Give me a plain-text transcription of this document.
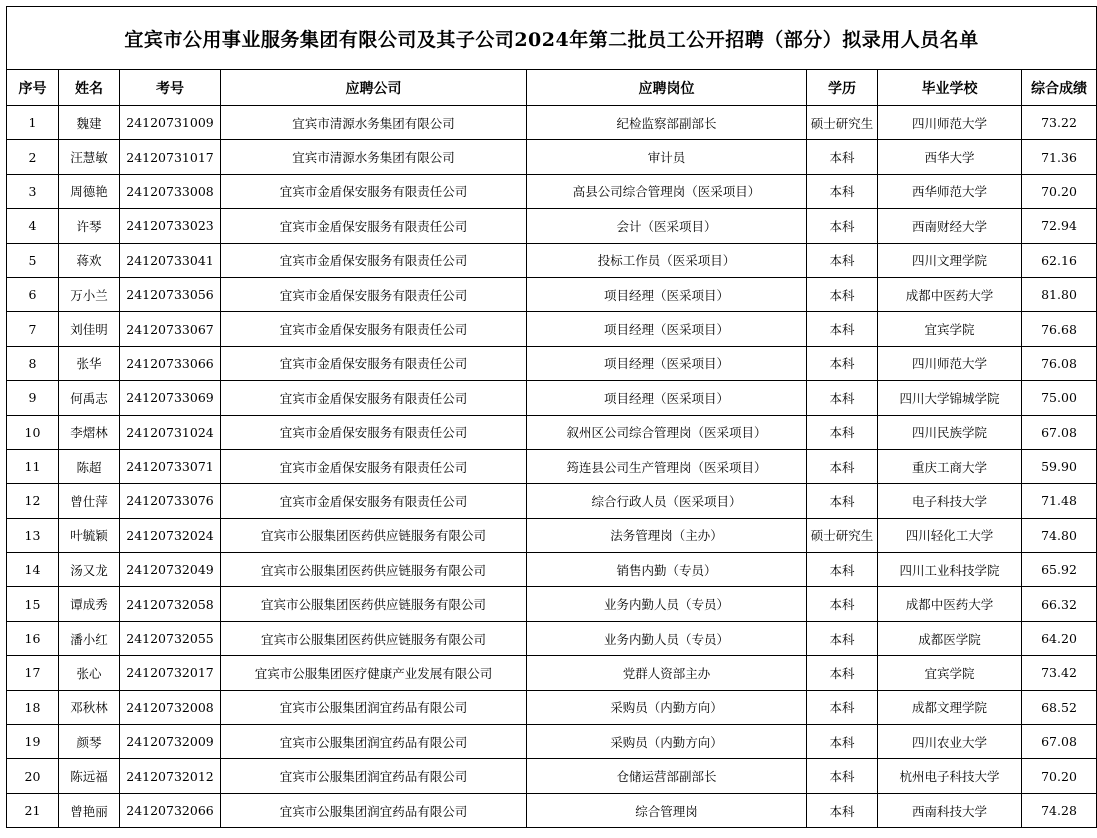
宜宾市公用事业服务集团有限公司及其子公司2024年第二批员工公开招聘（部分）拟录用人员名单							
序号	姓名	考号	应聘公司	应聘岗位	学历	毕业学校	综合成绩
1	魏建	24120731009	宜宾市清源水务集团有限公司	纪检监察部副部长	硕士研究生	四川师范大学	73.22
2	汪慧敏	24120731017	宜宾市清源水务集团有限公司	审计员	本科	西华大学	71.36
3	周德艳	24120733008	宜宾市金盾保安服务有限责任公司	高县公司综合管理岗（医采项目）	本科	西华师范大学	70.20
4	许琴	24120733023	宜宾市金盾保安服务有限责任公司	会计（医采项目）	本科	西南财经大学	72.94
5	蒋欢	24120733041	宜宾市金盾保安服务有限责任公司	投标工作员（医采项目）	本科	四川文理学院	62.16
6	万小兰	24120733056	宜宾市金盾保安服务有限责任公司	项目经理（医采项目）	本科	成都中医药大学	81.80
7	刘佳明	24120733067	宜宾市金盾保安服务有限责任公司	项目经理（医采项目）	本科	宜宾学院	76.68
8	张华	24120733066	宜宾市金盾保安服务有限责任公司	项目经理（医采项目）	本科	四川师范大学	76.08
9	何禹志	24120733069	宜宾市金盾保安服务有限责任公司	项目经理（医采项目）	本科	四川大学锦城学院	75.00
10	李熠林	24120731024	宜宾市金盾保安服务有限责任公司	叙州区公司综合管理岗（医采项目）	本科	四川民族学院	67.08
11	陈超	24120733071	宜宾市金盾保安服务有限责任公司	筠连县公司生产管理岗（医采项目）	本科	重庆工商大学	59.90
12	曾仕萍	24120733076	宜宾市金盾保安服务有限责任公司	综合行政人员（医采项目）	本科	电子科技大学	71.48
13	叶毓颖	24120732024	宜宾市公服集团医药供应链服务有限公司	法务管理岗（主办）	硕士研究生	四川轻化工大学	74.80
14	汤又龙	24120732049	宜宾市公服集团医药供应链服务有限公司	销售内勤（专员）	本科	四川工业科技学院	65.92
15	谭成秀	24120732058	宜宾市公服集团医药供应链服务有限公司	业务内勤人员（专员）	本科	成都中医药大学	66.32
16	潘小红	24120732055	宜宾市公服集团医药供应链服务有限公司	业务内勤人员（专员）	本科	成都医学院	64.20
17	张心	24120732017	宜宾市公服集团医疗健康产业发展有限公司	党群人资部主办	本科	宜宾学院	73.42
18	邓秋林	24120732008	宜宾市公服集团润宜药品有限公司	采购员（内勤方向）	本科	成都文理学院	68.52
19	颜琴	24120732009	宜宾市公服集团润宜药品有限公司	采购员（内勤方向）	本科	四川农业大学	67.08
20	陈远福	24120732012	宜宾市公服集团润宜药品有限公司	仓储运营部副部长	本科	杭州电子科技大学	70.20
21	曾艳丽	24120732066	宜宾市公服集团润宜药品有限公司	综合管理岗	本科	西南科技大学	74.28
